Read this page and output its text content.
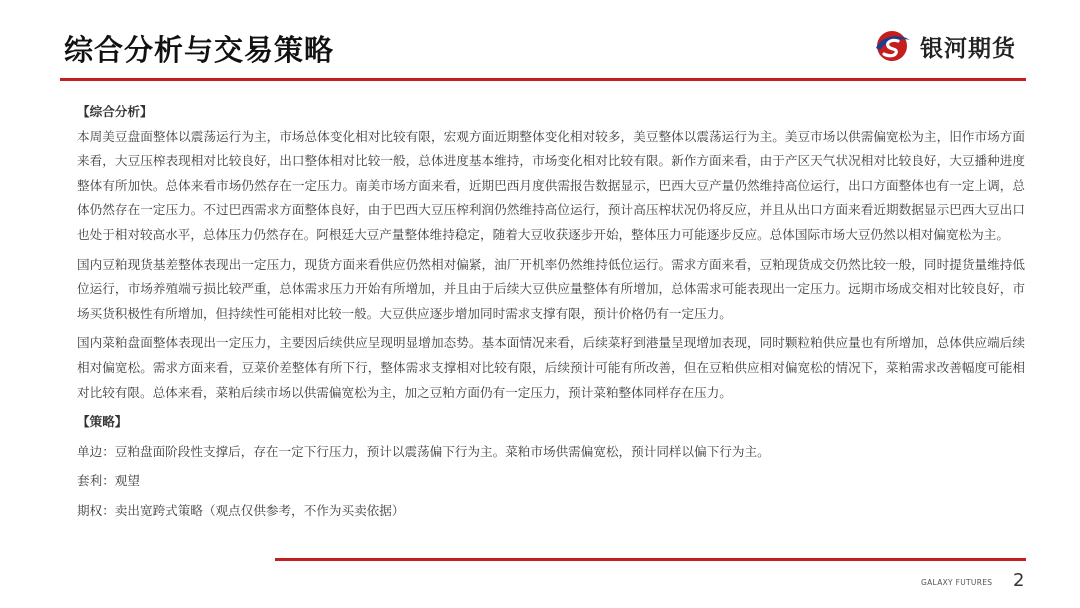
综合分析与交易策略	银河期货

【综合分析】

本周美豆盘面整体以震荡运行为主，市场总体变化相对比较有限，宏观方面近期整体变化相对较多，美豆整体以震荡运行为主。美豆市场以供需偏宽松为主，旧作市场方面来看，大豆压榨表现相对比较良好，出口整体相对比较一般，总体进度基本维持，市场变化相对比较有限。新作方面来看，由于产区天气状况相对比较良好，大豆播种进度整体有所加快。总体来看市场仍然存在一定压力。南美市场方面来看，近期巴西月度供需报告数据显示，巴西大豆产量仍然维持高位运行，出口方面整体也有一定上调，总体仍然存在一定压力。不过巴西需求方面整体良好，由于巴西大豆压榨利润仍然维持高位运行，预计高压榨状况仍将反应，并且从出口方面来看近期数据显示巴西大豆出口也处于相对较高水平，总体压力仍然存在。阿根廷大豆产量整体维持稳定，随着大豆收获逐步开始，整体压力可能逐步反应。总体国际市场大豆仍然以相对偏宽松为主。

国内豆粕现货基差整体表现出一定压力，现货方面来看供应仍然相对偏紧，油厂开机率仍然维持低位运行。需求方面来看，豆粕现货成交仍然比较一般，同时提货量维持低位运行，市场养殖端亏损比较严重，总体需求压力开始有所增加，并且由于后续大豆供应量整体有所增加，总体需求可能表现出一定压力。远期市场成交相对比较良好，市场买货积极性有所增加，但持续性可能相对比较一般。大豆供应逐步增加同时需求支撑有限，预计价格仍有一定压力。

国内菜粕盘面整体表现出一定压力，主要因后续供应呈现明显增加态势。基本面情况来看，后续菜籽到港量呈现增加表现，同时颗粒粕供应量也有所增加，总体供应端后续相对偏宽松。需求方面来看，豆菜价差整体有所下行，整体需求支撑相对比较有限，后续预计可能有所改善，但在豆粕供应相对偏宽松的情况下，菜粕需求改善幅度可能相对比较有限。总体来看，菜粕后续市场以供需偏宽松为主，加之豆粕方面仍有一定压力，预计菜粕整体同样存在压力。

【策略】

单边：豆粕盘面阶段性支撑后，存在一定下行压力，预计以震荡偏下行为主。菜粕市场供需偏宽松，预计同样以偏下行为主。

套利：观望

期权：卖出宽跨式策略（观点仅供参考，不作为买卖依据）

GALAXY FUTURES 2
